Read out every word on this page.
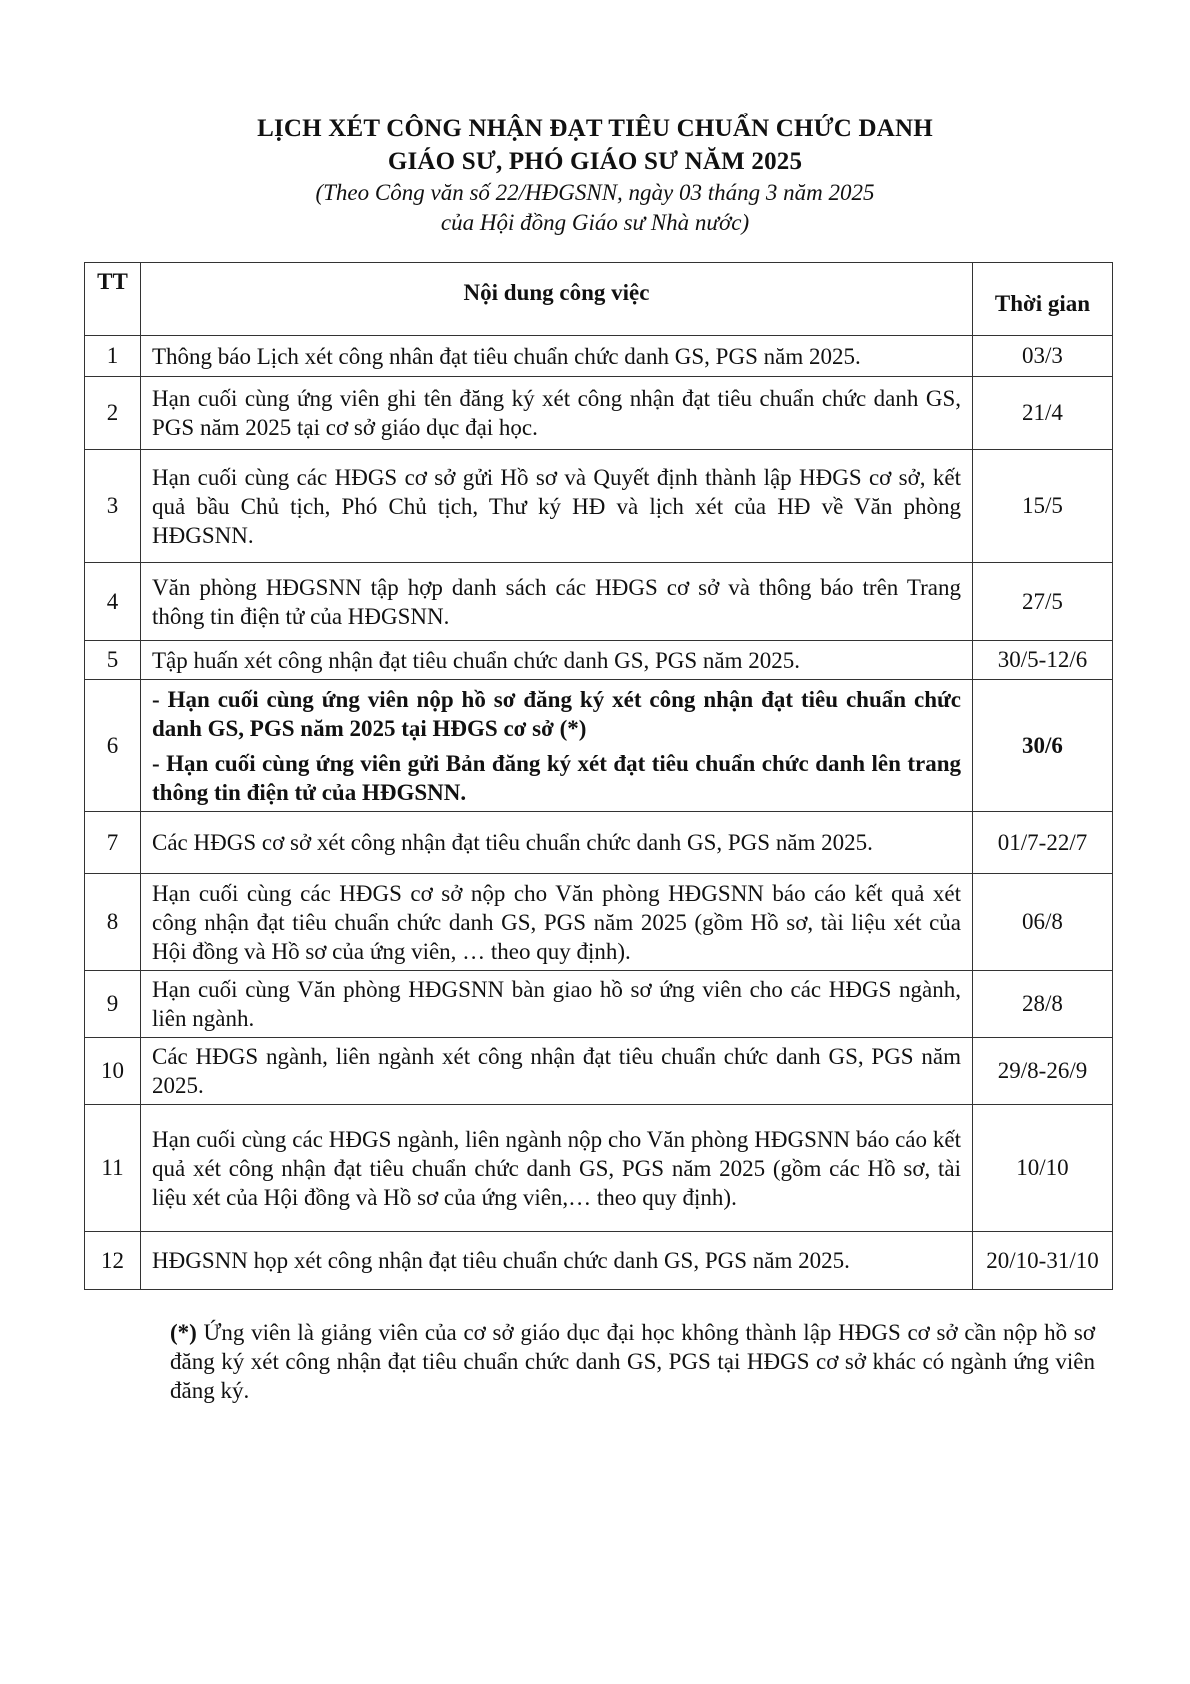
LỊCH XÉT CÔNG NHẬN ĐẠT TIÊU CHUẨN CHỨC DANH
GIÁO SƯ, PHÓ GIÁO SƯ NĂM 2025
(Theo Công văn số 22/HĐGSNN, ngày 03 tháng 3 năm 2025
của Hội đồng Giáo sư Nhà nước)
TT	Nội dung công việc	Thời gian
1	Thông báo Lịch xét công nhân đạt tiêu chuẩn chức danh GS, PGS năm 2025.	03/3
2	Hạn cuối cùng ứng viên ghi tên đăng ký xét công nhận đạt tiêu chuẩn chức danh GS, PGS năm 2025 tại cơ sở giáo dục đại học.	21/4
3	Hạn cuối cùng các HĐGS cơ sở gửi Hồ sơ và Quyết định thành lập HĐGS cơ sở, kết quả bầu Chủ tịch, Phó Chủ tịch, Thư ký HĐ và lịch xét của HĐ về Văn phòng HĐGSNN.	15/5
4	Văn phòng HĐGSNN tập hợp danh sách các HĐGS cơ sở và thông báo trên Trang thông tin điện tử của HĐGSNN.	27/5
5	Tập huấn xét công nhận đạt tiêu chuẩn chức danh GS, PGS năm 2025.	30/5-12/6
6	- Hạn cuối cùng ứng viên nộp hồ sơ đăng ký xét công nhận đạt tiêu chuẩn chức danh GS, PGS năm 2025 tại HĐGS cơ sở (*)
- Hạn cuối cùng ứng viên gửi Bản đăng ký xét đạt tiêu chuẩn chức danh lên trang thông tin điện tử của HĐGSNN.	30/6
7	Các HĐGS cơ sở xét công nhận đạt tiêu chuẩn chức danh GS, PGS năm 2025.	01/7-22/7
8	Hạn cuối cùng các HĐGS cơ sở nộp cho Văn phòng HĐGSNN báo cáo kết quả xét công nhận đạt tiêu chuẩn chức danh GS, PGS năm 2025 (gồm Hồ sơ, tài liệu xét của Hội đồng và Hồ sơ của ứng viên, … theo quy định).	06/8
9	Hạn cuối cùng Văn phòng HĐGSNN bàn giao hồ sơ ứng viên cho các HĐGS ngành, liên ngành.	28/8
10	Các HĐGS ngành, liên ngành xét công nhận đạt tiêu chuẩn chức danh GS, PGS năm 2025.	29/8-26/9
11	Hạn cuối cùng các HĐGS ngành, liên ngành nộp cho Văn phòng HĐGSNN báo cáo kết quả xét công nhận đạt tiêu chuẩn chức danh GS, PGS năm 2025 (gồm các Hồ sơ, tài liệu xét của Hội đồng và Hồ sơ của ứng viên,… theo quy định).	10/10
12	HĐGSNN họp xét công nhận đạt tiêu chuẩn chức danh GS, PGS năm 2025.	20/10-31/10
(*) Ứng viên là giảng viên của cơ sở giáo dục đại học không thành lập HĐGS cơ sở cần nộp hồ sơ đăng ký xét công nhận đạt tiêu chuẩn chức danh GS, PGS tại HĐGS cơ sở khác có ngành ứng viên đăng ký.
